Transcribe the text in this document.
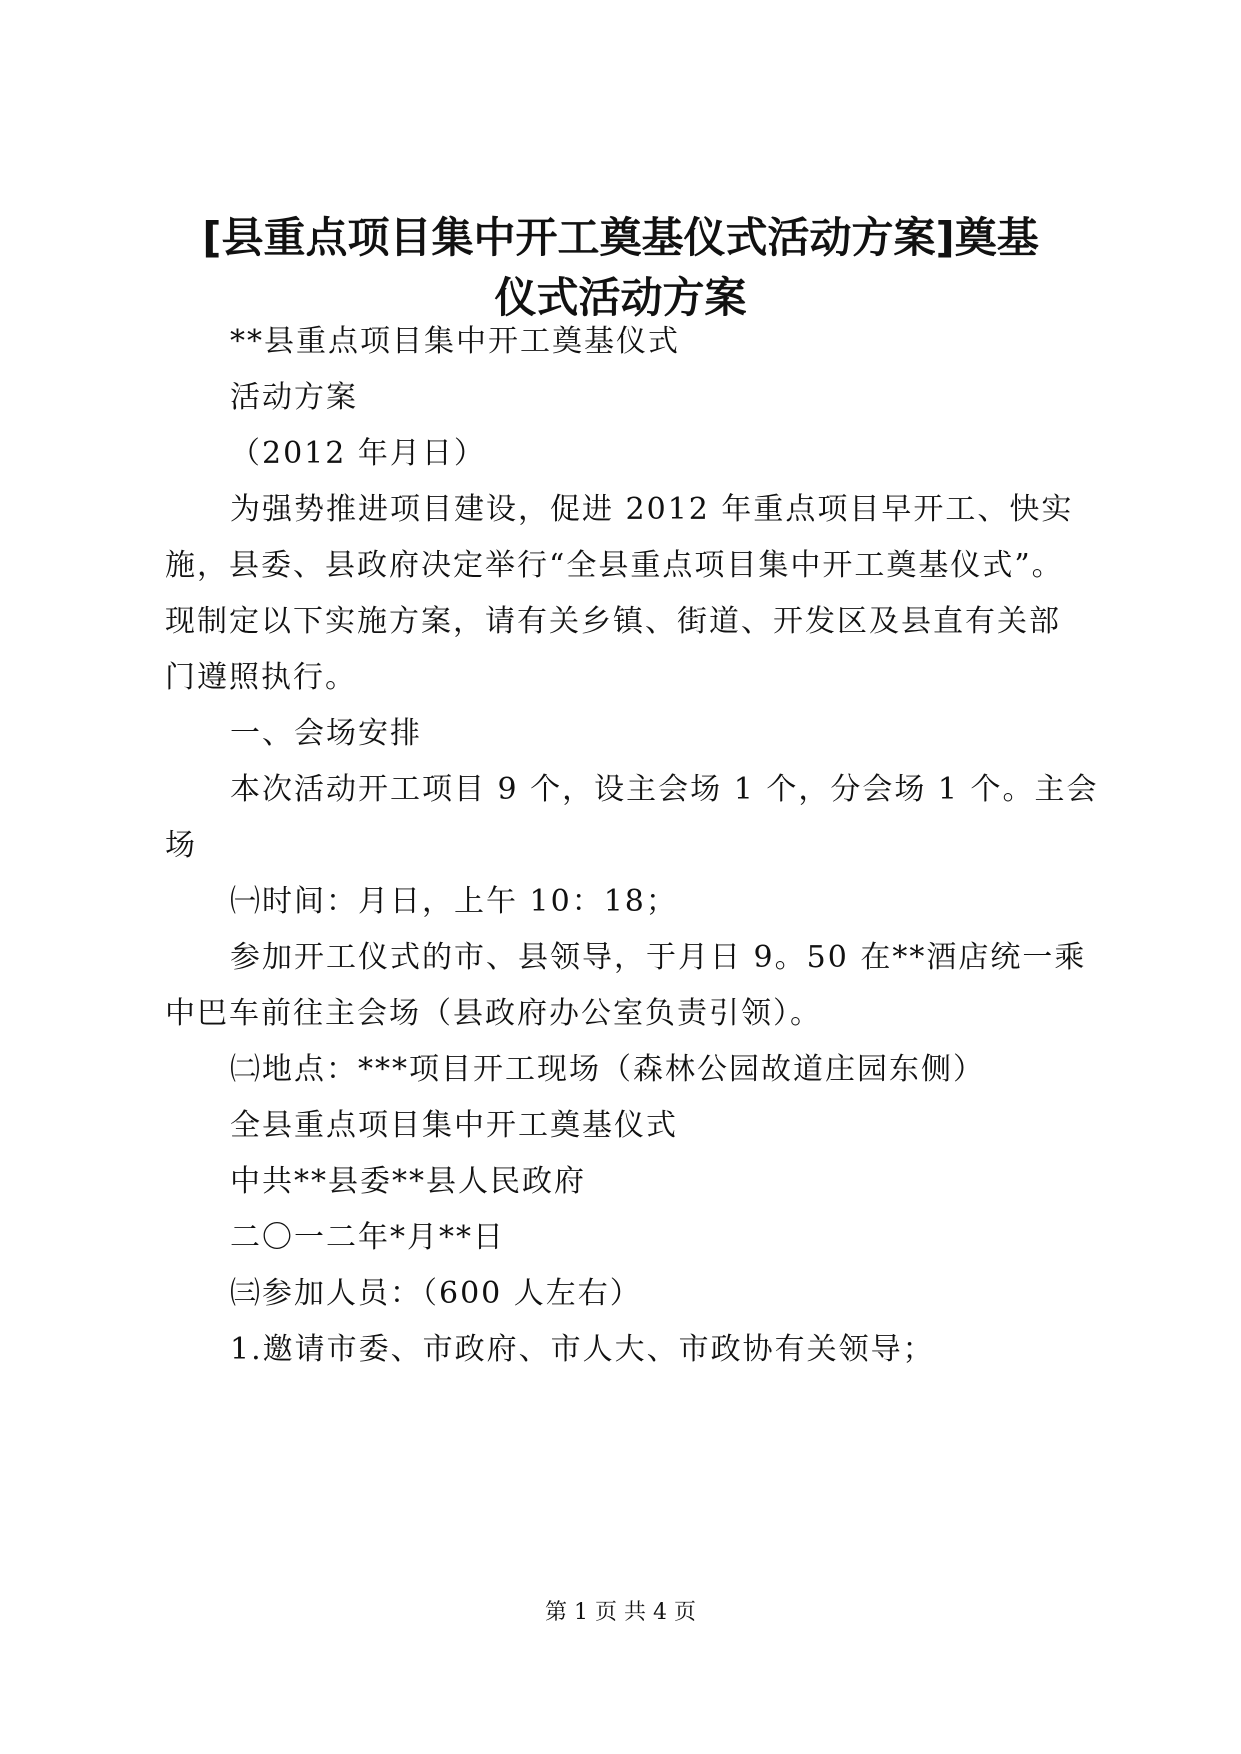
[县重点项目集中开工奠基仪式活动方案]奠基
仪式活动方案
**县重点项目集中开工奠基仪式
活动方案
（2012 年月日）
为强势推进项目建设，促进 2012 年重点项目早开工、快实
施，县委、县政府决定举行“全县重点项目集中开工奠基仪式”。
现制定以下实施方案，请有关乡镇、街道、开发区及县直有关部
门遵照执行。
一、会场安排
本次活动开工项目 9 个，设主会场 1 个，分会场 1 个。主会
场
㈠时间：月日，上午 10：18；
参加开工仪式的市、县领导，于月日 9。50 在**酒店统一乘
中巴车前往主会场（县政府办公室负责引领）。
㈡地点：***项目开工现场（森林公园故道庄园东侧）
全县重点项目集中开工奠基仪式
中共**县委**县人民政府
二〇一二年*月**日
㈢参加人员：（600 人左右）
1.邀请市委、市政府、市人大、市政协有关领导；
第 1 页 共 4 页
